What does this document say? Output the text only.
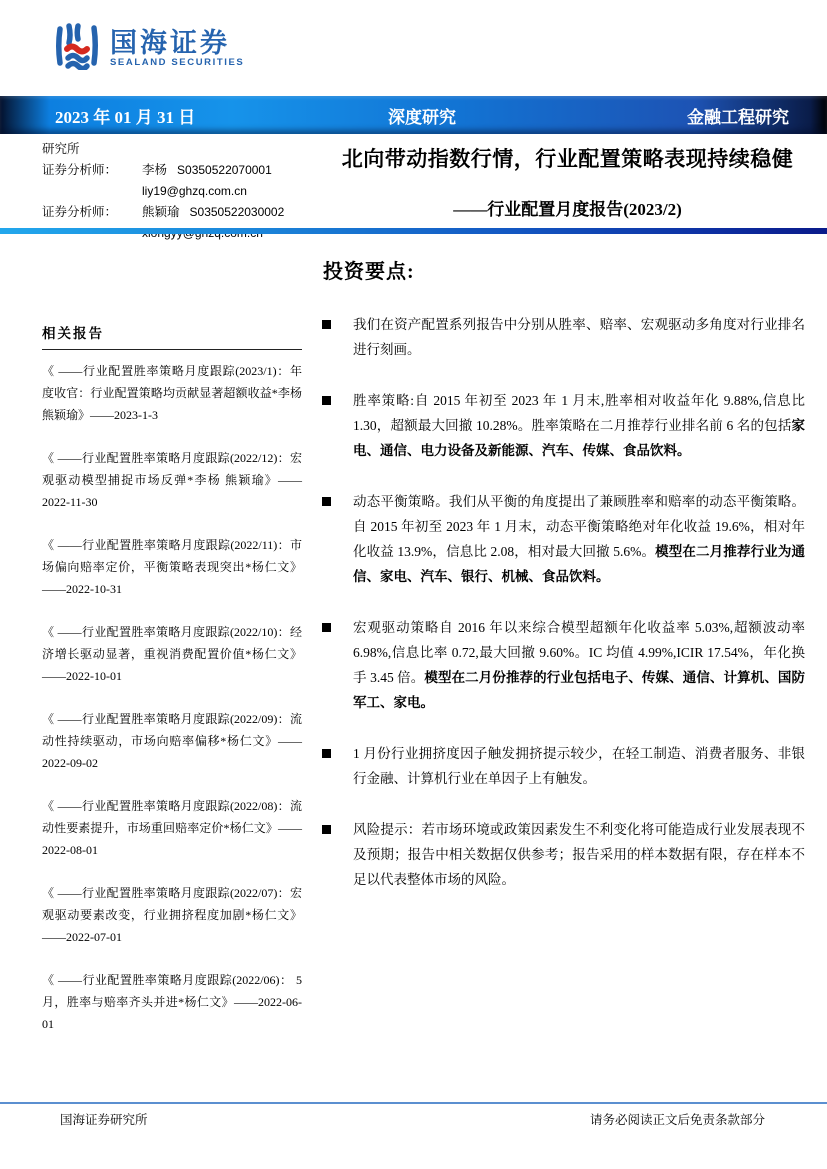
国海证券
SEALAND SECURITIES
2023 年 01 月 31 日	深度研究	金融工程研究
研究所
证券分析师：	李杨 S0350522070001
liy19@ghzq.com.cn
证券分析师：	熊颖瑜 S0350522030002
北向带动指数行情，行业配置策略表现持续稳健
——行业配置月度报告(2023/2)
投资要点:
相关报告
《 ——行业配置胜率策略月度跟踪(2023/1)：年度收官：行业配置策略均贡献显著超额收益*李杨 熊颖瑜》——2023-1-3
《 ——行业配置胜率策略月度跟踪(2022/12)：宏观驱动模型捕捉市场反弹*李杨 熊颖瑜》——2022-11-30
《 ——行业配置胜率策略月度跟踪(2022/11)：市场偏向赔率定价，平衡策略表现突出*杨仁文》——2022-10-31
《 ——行业配置胜率策略月度跟踪(2022/10)：经济增长驱动显著，重视消费配置价值*杨仁文》——2022-10-01
《 ——行业配置胜率策略月度跟踪(2022/09)：流动性持续驱动，市场向赔率偏移*杨仁文》——2022-09-02
《 ——行业配置胜率策略月度跟踪(2022/08)：流动性要素提升，市场重回赔率定价*杨仁文》——2022-08-01
《 ——行业配置胜率策略月度跟踪(2022/07)：宏观驱动要素改变，行业拥挤程度加剧*杨仁文》——2022-07-01
《 ——行业配置胜率策略月度跟踪(2022/06)： 5月，胜率与赔率齐头并进*杨仁文》——2022-06-01
我们在资产配置系列报告中分别从胜率、赔率、宏观驱动多角度对行业排名进行刻画。
胜率策略:自 2015 年初至 2023 年 1 月末,胜率相对收益年化 9.88%,信息比 1.30，超额最大回撤 10.28%。胜率策略在二月推荐行业排名前 6 名的包括家电、通信、电力设备及新能源、汽车、传媒、食品饮料。
动态平衡策略。我们从平衡的角度提出了兼顾胜率和赔率的动态平衡策略。自 2015 年初至 2023 年 1 月末，动态平衡策略绝对年化收益 19.6%，相对年化收益 13.9%，信息比 2.08，相对最大回撤 5.6%。模型在二月推荐行业为通信、家电、汽车、银行、机械、食品饮料。
宏观驱动策略自 2016 年以来综合模型超额年化收益率 5.03%,超额波动率 6.98%,信息比率 0.72,最大回撤 9.60%。IC 均值 4.99%,ICIR 17.54%，年化换手 3.45 倍。模型在二月份推荐的行业包括电子、传媒、通信、计算机、国防军工、家电。
1 月份行业拥挤度因子触发拥挤提示较少，在轻工制造、消费者服务、非银行金融、计算机行业在单因子上有触发。
风险提示：若市场环境或政策因素发生不利变化将可能造成行业发展表现不及预期；报告中相关数据仅供参考；报告采用的样本数据有限，存在样本不足以代表整体市场的风险。
国海证券研究所	请务必阅读正文后免责条款部分
